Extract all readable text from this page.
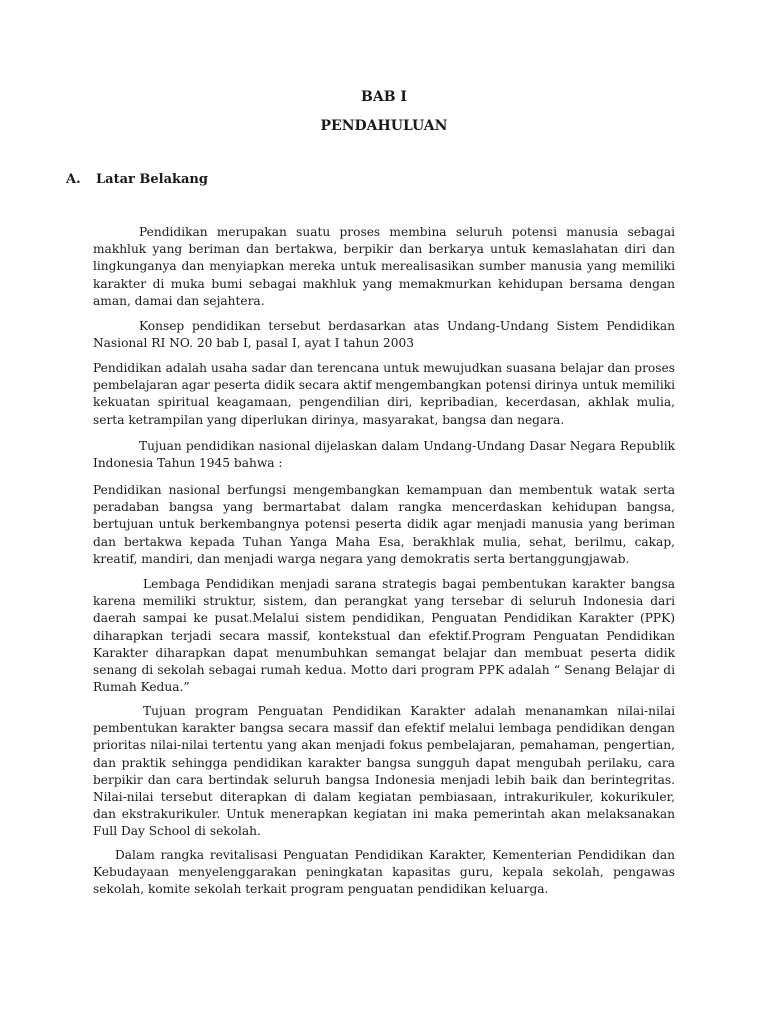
BAB I
PENDAHULUAN
A. Latar Belakang

Pendidikan merupakan suatu proses membina seluruh potensi manusia sebagai makhluk yang beriman dan bertakwa, berpikir dan berkarya untuk kemaslahatan diri dan lingkunganya dan menyiapkan mereka untuk merealisasikan sumber manusia yang memiliki karakter di muka bumi sebagai makhluk yang memakmurkan kehidupan bersama dengan aman, damai dan sejahtera.

Konsep pendidikan tersebut berdasarkan atas Undang-Undang Sistem Pendidikan Nasional RI NO. 20 bab I, pasal I, ayat I tahun 2003

Pendidikan adalah usaha sadar dan terencana untuk mewujudkan suasana belajar dan proses pembelajaran agar peserta didik secara aktif mengembangkan potensi dirinya untuk memiliki kekuatan spiritual keagamaan, pengendilian diri, kepribadian, kecerdasan, akhlak mulia, serta ketrampilan yang diperlukan dirinya, masyarakat, bangsa dan negara.

Tujuan pendidikan nasional dijelaskan dalam Undang-Undang Dasar Negara Republik Indonesia Tahun 1945 bahwa :

Pendidikan nasional berfungsi mengembangkan kemampuan dan membentuk watak serta peradaban bangsa yang bermartabat dalam rangka mencerdaskan kehidupan bangsa, bertujuan untuk berkembangnya potensi peserta didik agar menjadi manusia yang beriman dan bertakwa kepada Tuhan Yanga Maha Esa, berakhlak mulia, sehat, berilmu, cakap, kreatif, mandiri, dan menjadi warga negara yang demokratis serta bertanggungjawab.

Lembaga Pendidikan menjadi sarana strategis bagai pembentukan karakter bangsa karena memiliki struktur, sistem, dan perangkat yang tersebar di seluruh Indonesia dari daerah sampai ke pusat.Melalui sistem pendidikan, Penguatan Pendidikan Karakter (PPK) diharapkan terjadi secara massif, kontekstual dan efektif.Program Penguatan Pendidikan Karakter diharapkan dapat menumbuhkan semangat belajar dan membuat peserta didik senang di sekolah sebagai rumah kedua. Motto dari program PPK adalah “ Senang Belajar di Rumah Kedua.”

Tujuan program Penguatan Pendidikan Karakter adalah menanamkan nilai-nilai pembentukan karakter bangsa secara massif dan efektif melalui lembaga pendidikan dengan prioritas nilai-nilai tertentu yang akan menjadi fokus pembelajaran, pemahaman, pengertian, dan praktik sehingga pendidikan karakter bangsa sungguh dapat mengubah perilaku, cara berpikir dan cara bertindak seluruh bangsa Indonesia menjadi lebih baik dan berintegritas. Nilai-nilai tersebut diterapkan di dalam kegiatan pembiasaan, intrakurikuler, kokurikuler, dan ekstrakurikuler. Untuk menerapkan kegiatan ini maka pemerintah akan melaksanakan Full Day School di sekolah.

Dalam rangka revitalisasi Penguatan Pendidikan Karakter, Kementerian Pendidikan dan Kebudayaan menyelenggarakan peningkatan kapasitas guru, kepala sekolah, pengawas sekolah, komite sekolah terkait program penguatan pendidikan keluarga.
